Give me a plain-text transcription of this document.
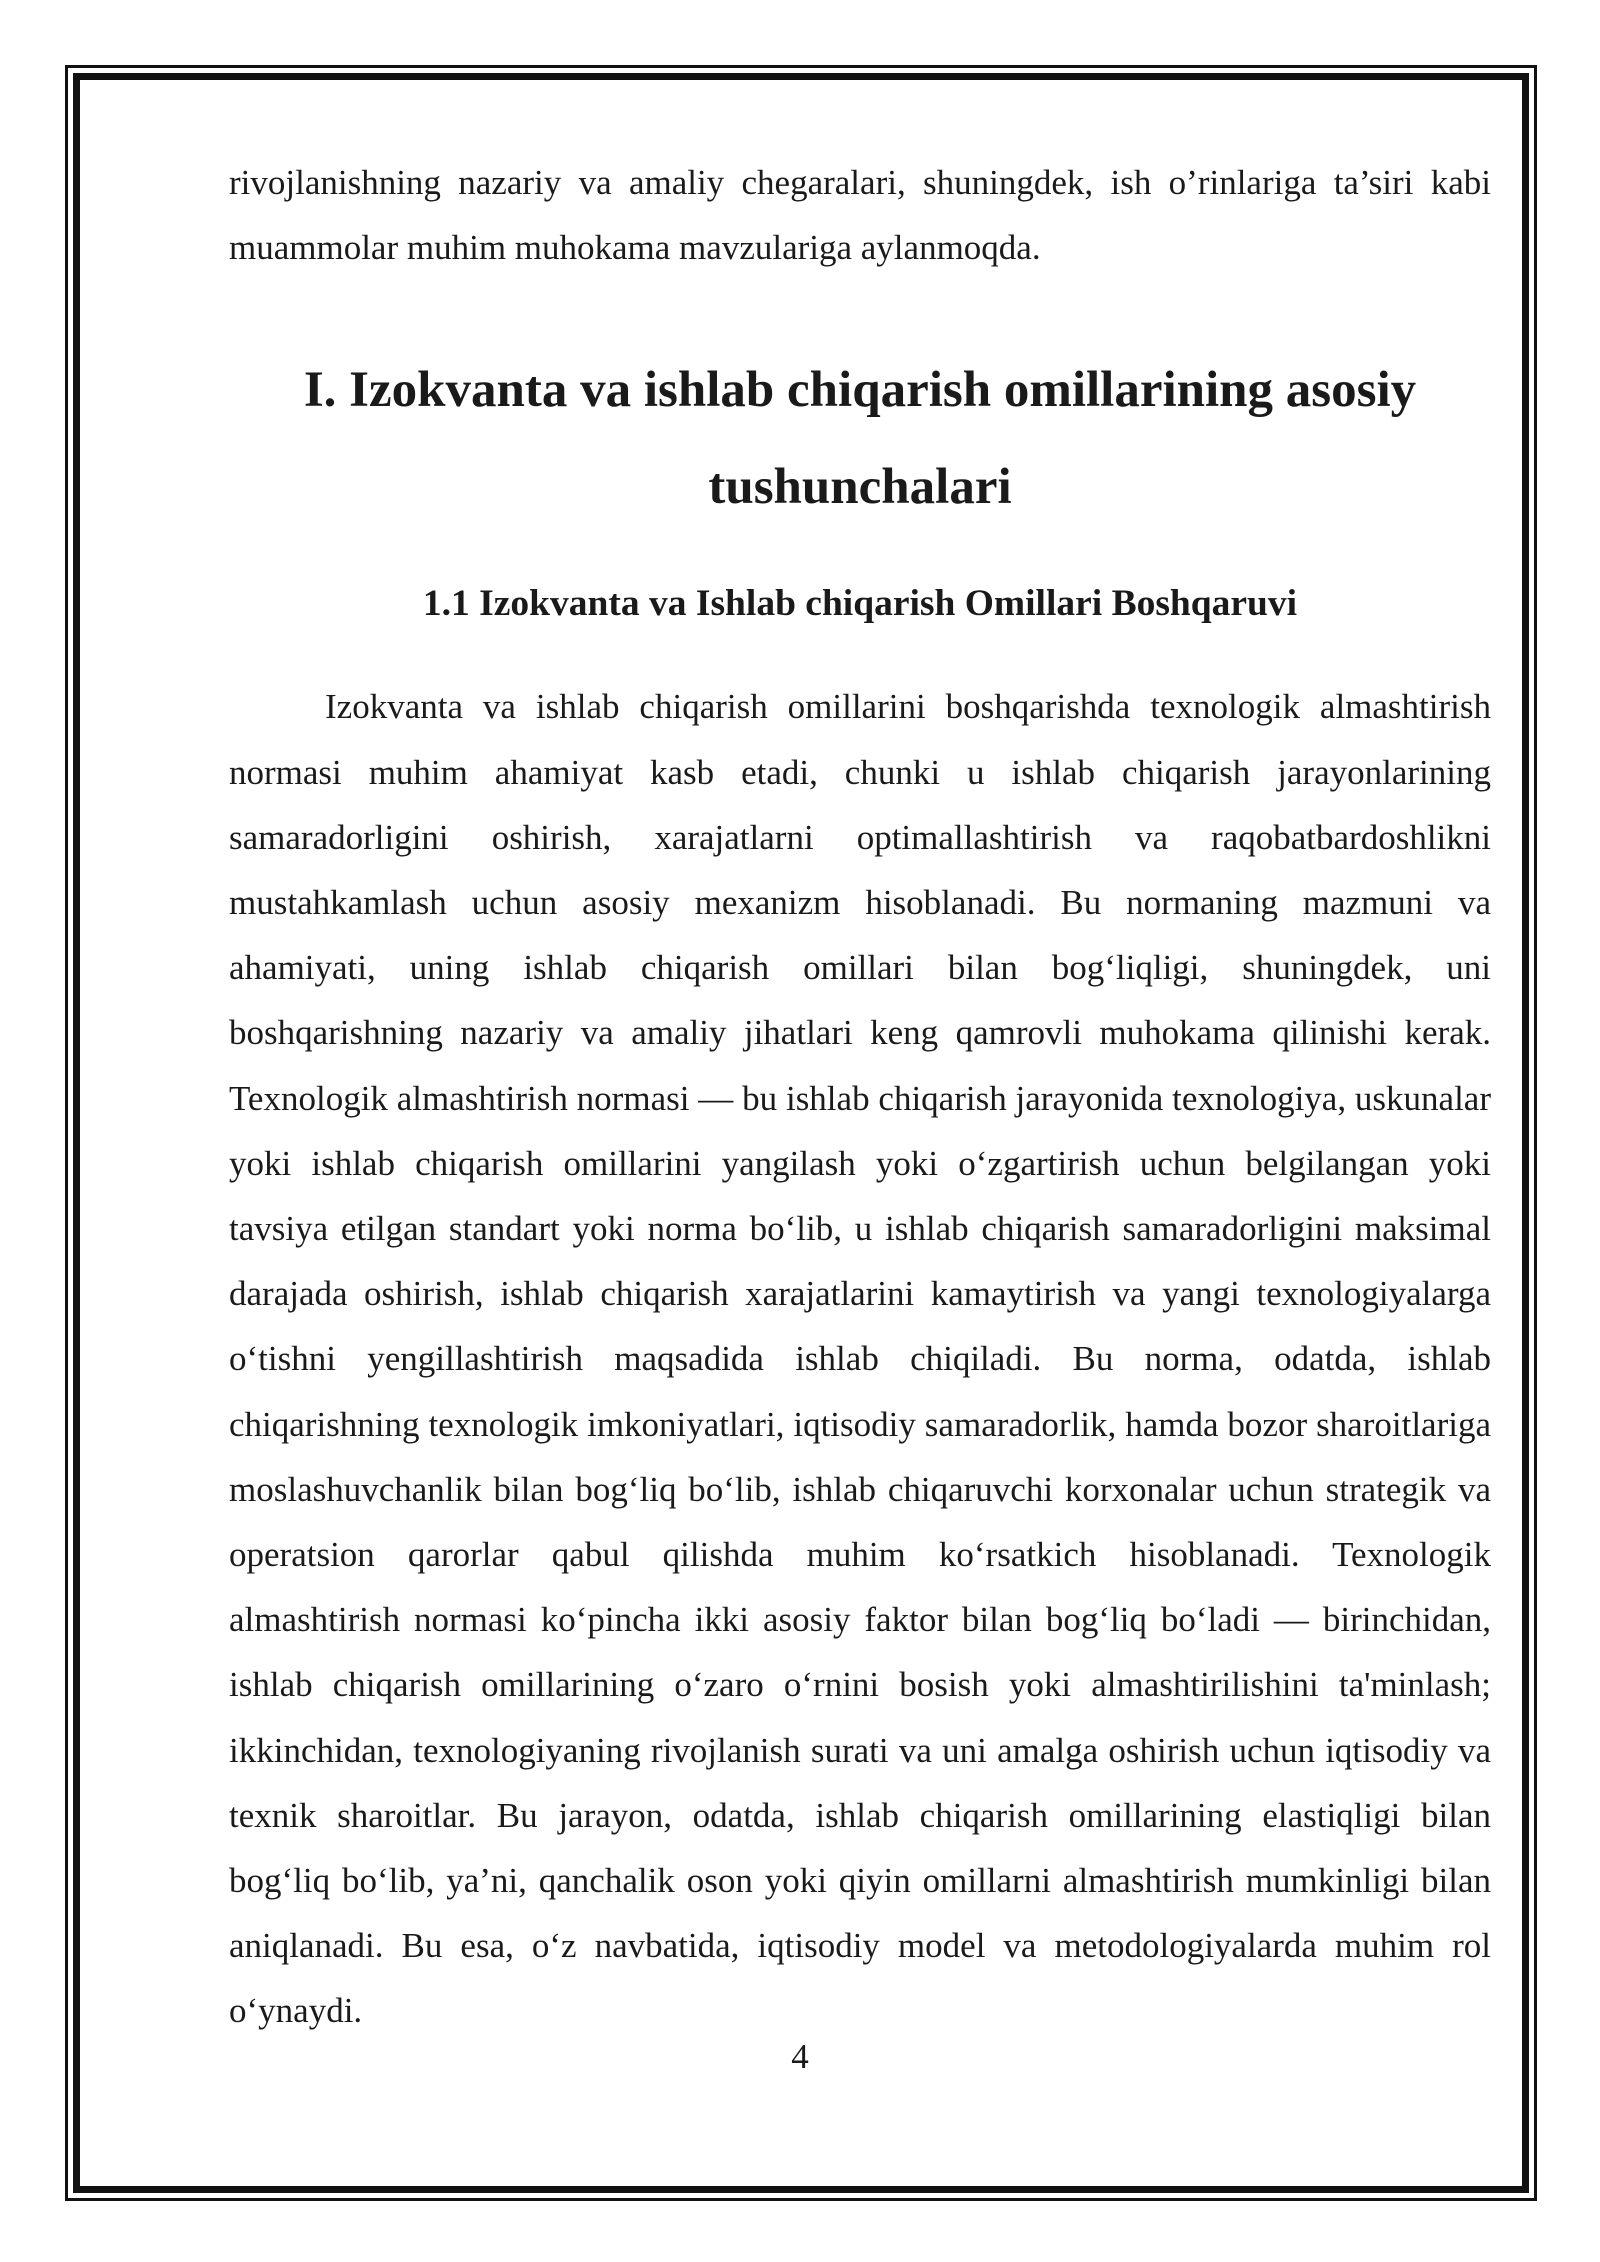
rivojlanishning nazariy va amaliy chegaralari, shuningdek, ish o’rinlariga ta’siri kabi muammolar muhim muhokama mavzulariga aylanmoqda.

I. Izokvanta va ishlab chiqarish omillarining asosiy tushunchalari
1.1 Izokvanta va Ishlab chiqarish Omillari Boshqaruvi

Izokvanta va ishlab chiqarish omillarini boshqarishda texnologik almashtirish normasi muhim ahamiyat kasb etadi, chunki u ishlab chiqarish jarayonlarining samaradorligini oshirish, xarajatlarni optimallashtirish va raqobatbardoshlikni mustahkamlash uchun asosiy mexanizm hisoblanadi. Bu normaning mazmuni va ahamiyati, uning ishlab chiqarish omillari bilan bog‘liqligi, shuningdek, uni boshqarishning nazariy va amaliy jihatlari keng qamrovli muhokama qilinishi kerak. Texnologik almashtirish normasi — bu ishlab chiqarish jarayonida texnologiya, uskunalar yoki ishlab chiqarish omillarini yangilash yoki o‘zgartirish uchun belgilangan yoki tavsiya etilgan standart yoki norma bo‘lib, u ishlab chiqarish samaradorligini maksimal darajada oshirish, ishlab chiqarish xarajatlarini kamaytirish va yangi texnologiyalarga o‘tishni yengillashtirish maqsadida ishlab chiqiladi. Bu norma, odatda, ishlab chiqarishning texnologik imkoniyatlari, iqtisodiy samaradorlik, hamda bozor sharoitlariga moslashuvchanlik bilan bog‘liq bo‘lib, ishlab chiqaruvchi korxonalar uchun strategik va operatsion qarorlar qabul qilishda muhim ko‘rsatkich hisoblanadi. Texnologik almashtirish normasi ko‘pincha ikki asosiy faktor bilan bog‘liq bo‘ladi — birinchidan, ishlab chiqarish omillarining o‘zaro o‘rnini bosish yoki almashtirilishini ta'minlash; ikkinchidan, texnologiyaning rivojlanish surati va uni amalga oshirish uchun iqtisodiy va texnik sharoitlar. Bu jarayon, odatda, ishlab chiqarish omillarining elastiqligi bilan bog‘liq bo‘lib, ya’ni, qanchalik oson yoki qiyin omillarni almashtirish mumkinligi bilan aniqlanadi. Bu esa, o‘z navbatida, iqtisodiy model va metodologiyalarda muhim rol o‘ynaydi.

4
